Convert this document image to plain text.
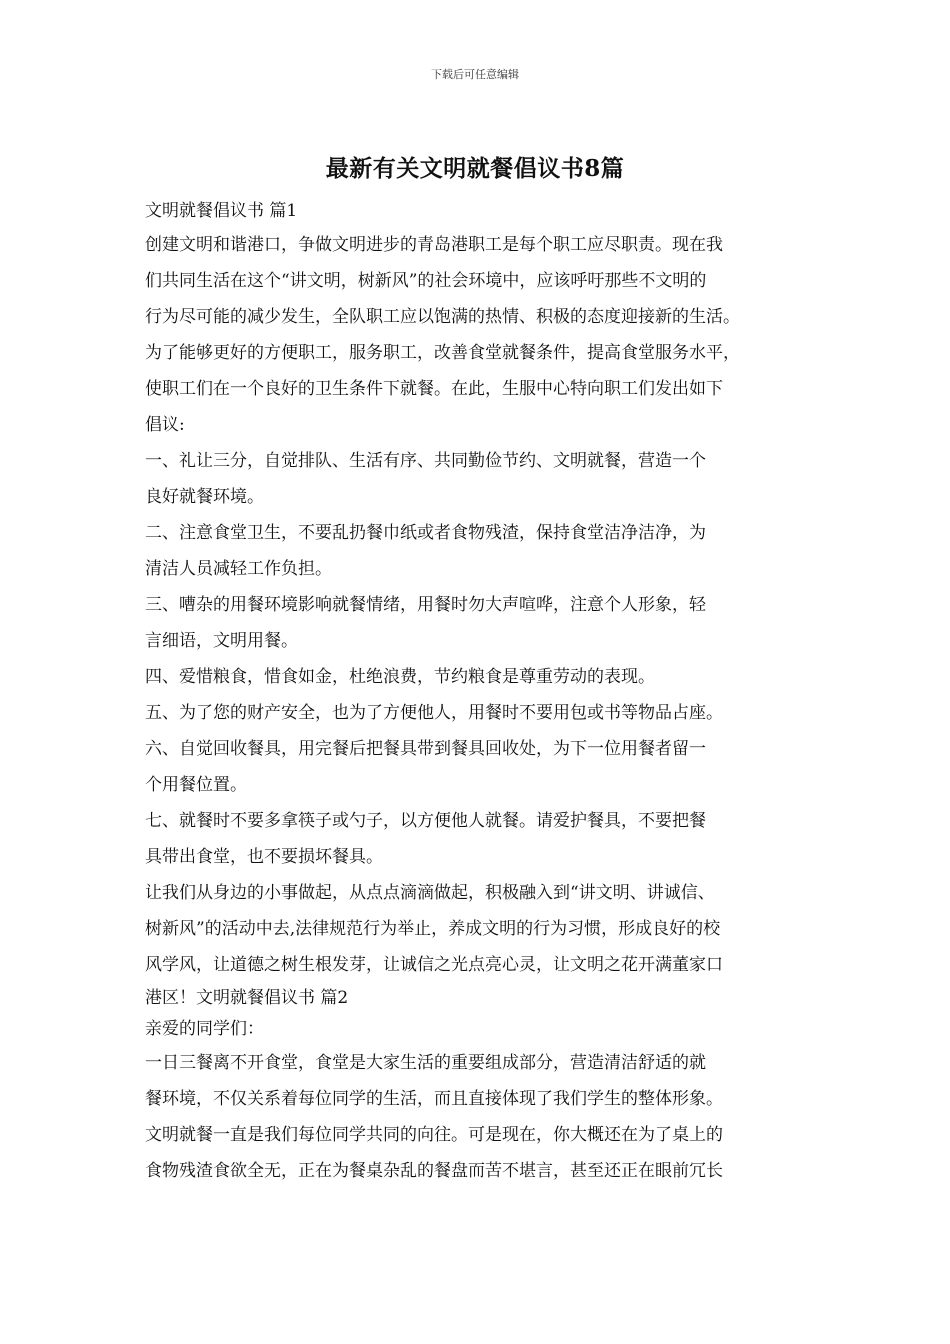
下载后可任意编辑
最新有关文明就餐倡议书8篇
文明就餐倡议书 篇1
创建文明和谐港口，争做文明进步的青岛港职工是每个职工应尽职责。现在我
们共同生活在这个“讲文明，树新风”的社会环境中，应该呼吁那些不文明的
行为尽可能的减少发生，全队职工应以饱满的热情、积极的态度迎接新的生活。
为了能够更好的方便职工，服务职工，改善食堂就餐条件，提高食堂服务水平，
使职工们在一个良好的卫生条件下就餐。在此，生服中心特向职工们发出如下
倡议:
一、礼让三分，自觉排队、生活有序、共同勤俭节约、文明就餐，营造一个
良好就餐环境。
二、注意食堂卫生，不要乱扔餐巾纸或者食物残渣，保持食堂洁净洁净，为
清洁人员减轻工作负担。
三、嘈杂的用餐环境影响就餐情绪，用餐时勿大声喧哗，注意个人形象，轻
言细语，文明用餐。
四、爱惜粮食，惜食如金，杜绝浪费，节约粮食是尊重劳动的表现。
五、为了您的财产安全，也为了方便他人，用餐时不要用包或书等物品占座。
六、自觉回收餐具，用完餐后把餐具带到餐具回收处，为下一位用餐者留一
个用餐位置。
七、就餐时不要多拿筷子或勺子，以方便他人就餐。请爱护餐具，不要把餐
具带出食堂，也不要损坏餐具。
让我们从身边的小事做起，从点点滴滴做起，积极融入到“讲文明、讲诚信、
树新风”的活动中去,法律规范行为举止，养成文明的行为习惯，形成良好的校
风学风，让道德之树生根发芽，让诚信之光点亮心灵，让文明之花开满董家口
港区！文明就餐倡议书 篇2
亲爱的同学们：
一日三餐离不开食堂，食堂是大家生活的重要组成部分，营造清洁舒适的就
餐环境，不仅关系着每位同学的生活，而且直接体现了我们学生的整体形象。
文明就餐一直是我们每位同学共同的向往。可是现在，你大概还在为了桌上的
食物残渣食欲全无，正在为餐桌杂乱的餐盘而苦不堪言，甚至还正在眼前冗长
